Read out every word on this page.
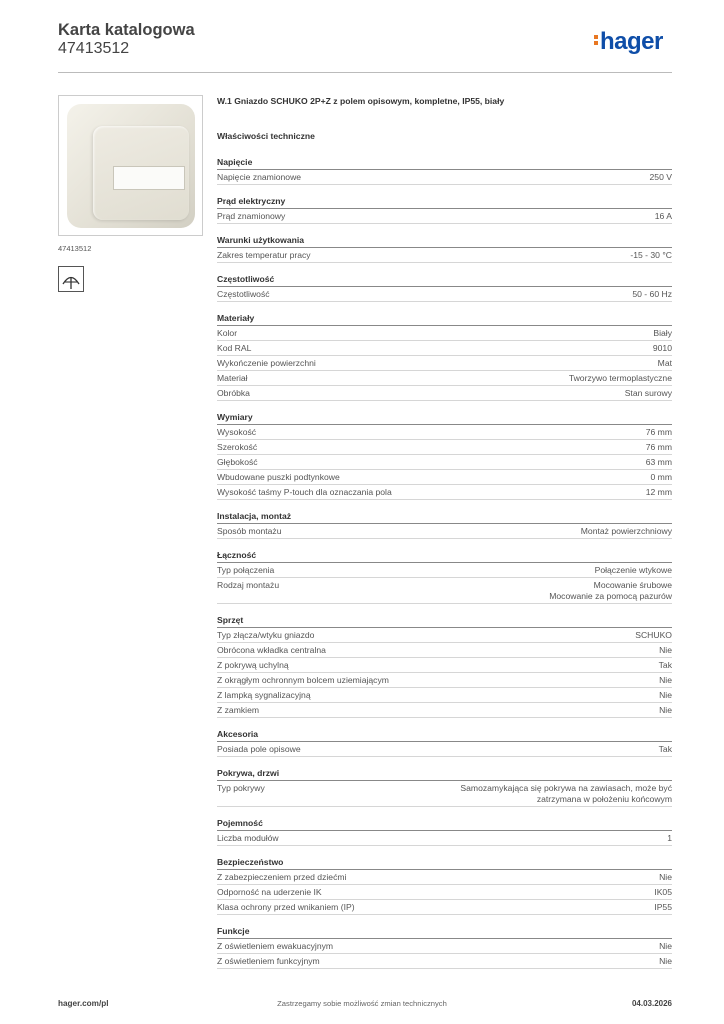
Karta katalogowa
47413512	hager
47413512
W.1 Gniazdo SCHUKO 2P+Z z polem opisowym, kompletne, IP55, biały
Właściwości techniczne
Napięcie
Napięcie znamionowe	250 V
Prąd elektryczny
Prąd znamionowy	16 A
Warunki użytkowania
Zakres temperatur pracy	-15 - 30 °C
Częstotliwość
Częstotliwość	50 - 60 Hz
Materiały
Kolor	Biały
Kod RAL	9010
Wykończenie powierzchni	Mat
Materiał	Tworzywo termoplastyczne
Obróbka	Stan surowy
Wymiary
Wysokość	76 mm
Szerokość	76 mm
Głębokość	63 mm
Wbudowane puszki podtynkowe	0 mm
Wysokość taśmy P-touch dla oznaczania pola	12 mm
Instalacja, montaż
Sposób montażu	Montaż powierzchniowy
Łączność
Typ połączenia	Połączenie wtykowe
Rodzaj montażu	Mocowanie śrubowe
Mocowanie za pomocą pazurów
Sprzęt
Typ złącza/wtyku gniazdo	SCHUKO
Obrócona wkładka centralna	Nie
Z pokrywą uchylną	Tak
Z okrągłym ochronnym bolcem uziemiającym	Nie
Z lampką sygnalizacyjną	Nie
Z zamkiem	Nie
Akcesoria
Posiada pole opisowe	Tak
Pokrywa, drzwi
Typ pokrywy	Samozamykająca się pokrywa na zawiasach, może być
zatrzymana w położeniu końcowym
Pojemność
Liczba modułów	1
Bezpieczeństwo
Z zabezpieczeniem przed dziećmi	Nie
Odporność na uderzenie IK	IK05
Klasa ochrony przed wnikaniem (IP)	IP55
Funkcje
Z oświetleniem ewakuacyjnym	Nie
Z oświetleniem funkcyjnym	Nie
hager.com/pl	Zastrzegamy sobie możliwość zmian technicznych	04.03.2026
